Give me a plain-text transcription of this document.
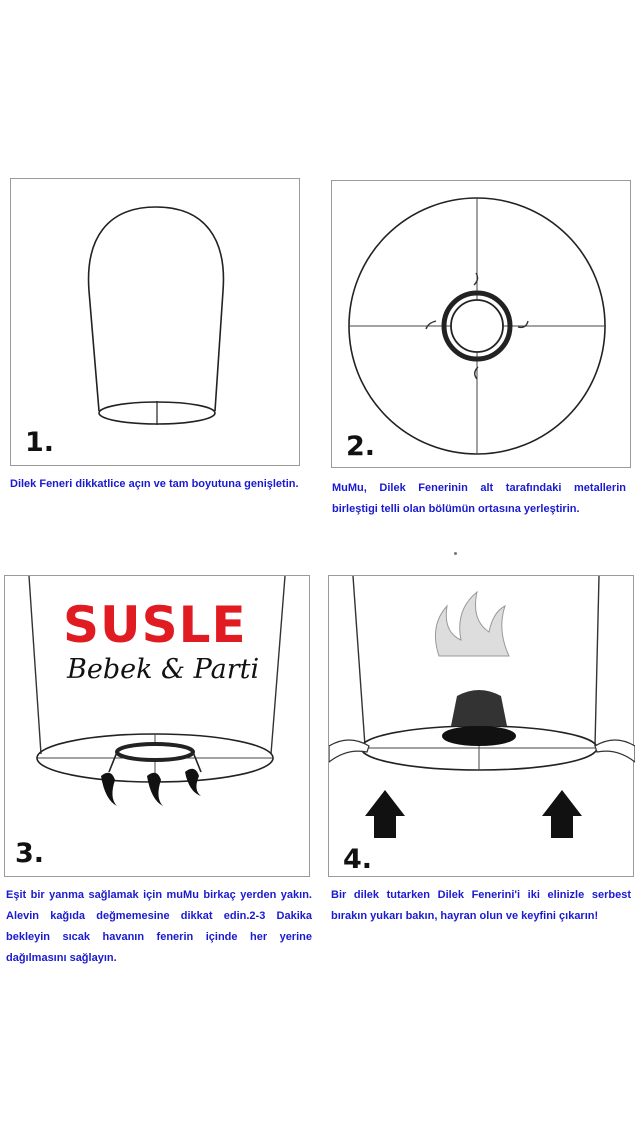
1.
Dilek Feneri dikkatlice açın ve tam boyutuna genişletin.
2.
MuMu, Dilek Fenerinin alt tarafındaki metallerin birleştigi telli olan bölümün ortasına yerleştirin.
SUSLE
Bebek & Parti
3.
Eşit bir yanma sağlamak için muMu birkaç yerden yakın. Alevin kağıda değmemesine dikkat edin.2-3 Dakika bekleyin sıcak havanın fenerin içinde her yerine dağılmasını sağlayın.
4.
Bir dilek tutarken Dilek Fenerini'i iki elinizle serbest bırakın yukarı bakın, hayran olun ve keyfini çıkarın!
